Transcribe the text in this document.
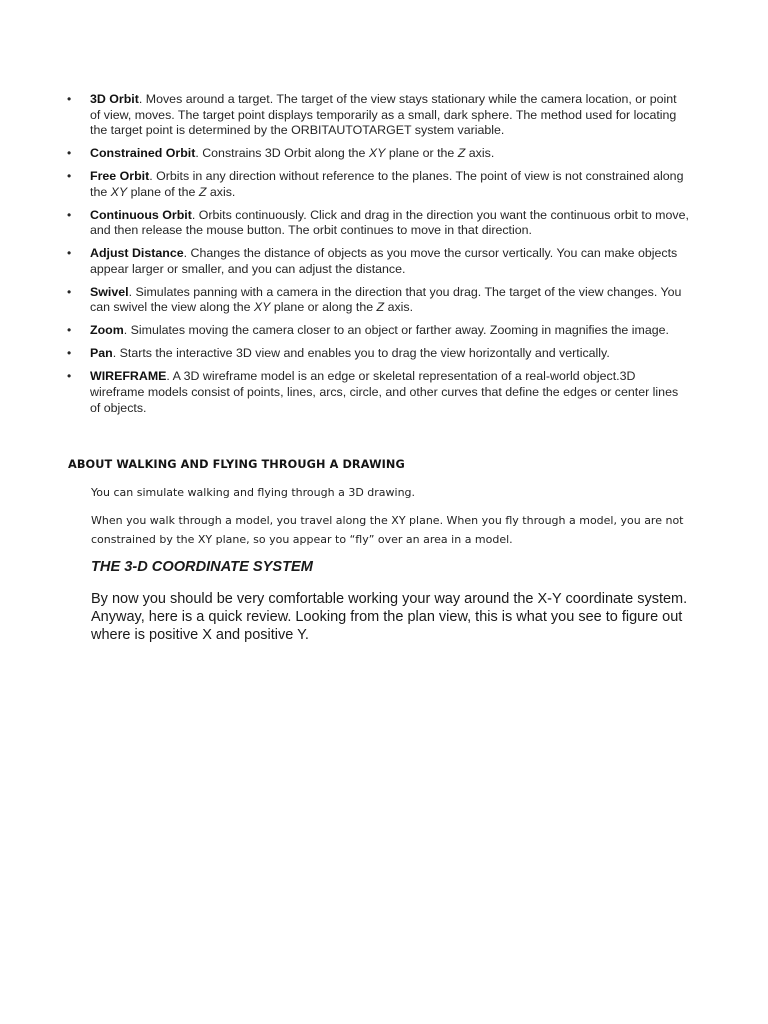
• 3D Orbit. Moves around a target. The target of the view stays stationary while the camera location, or point of view, moves. The target point displays temporarily as a small, dark sphere. The method used for locating the target point is determined by the ORBITAUTOTARGET system variable.
• Constrained Orbit. Constrains 3D Orbit along the XY plane or the Z axis.
• Free Orbit. Orbits in any direction without reference to the planes. The point of view is not constrained along the XY plane of the Z axis.
• Continuous Orbit. Orbits continuously. Click and drag in the direction you want the continuous orbit to move, and then release the mouse button. The orbit continues to move in that direction.
• Adjust Distance. Changes the distance of objects as you move the cursor vertically. You can make objects appear larger or smaller, and you can adjust the distance.
• Swivel. Simulates panning with a camera in the direction that you drag. The target of the view changes. You can swivel the view along the XY plane or along the Z axis.
• Zoom. Simulates moving the camera closer to an object or farther away. Zooming in magnifies the image.
• Pan. Starts the interactive 3D view and enables you to drag the view horizontally and vertically.
• WIREFRAME. A 3D wireframe model is an edge or skeletal representation of a real-world object.3D wireframe models consist of points, lines, arcs, circle, and other curves that define the edges or center lines of objects.
ABOUT WALKING AND FLYING THROUGH A DRAWING

You can simulate walking and flying through a 3D drawing.

When you walk through a model, you travel along the XY plane. When you fly through a model, you are not constrained by the XY plane, so you appear to “fly” over an area in a model.

THE 3-D COORDINATE SYSTEM

By now you should be very comfortable working your way around the X-Y coordinate system. Anyway, here is a quick review. Looking from the plan view, this is what you see to figure out where is positive X and positive Y.
